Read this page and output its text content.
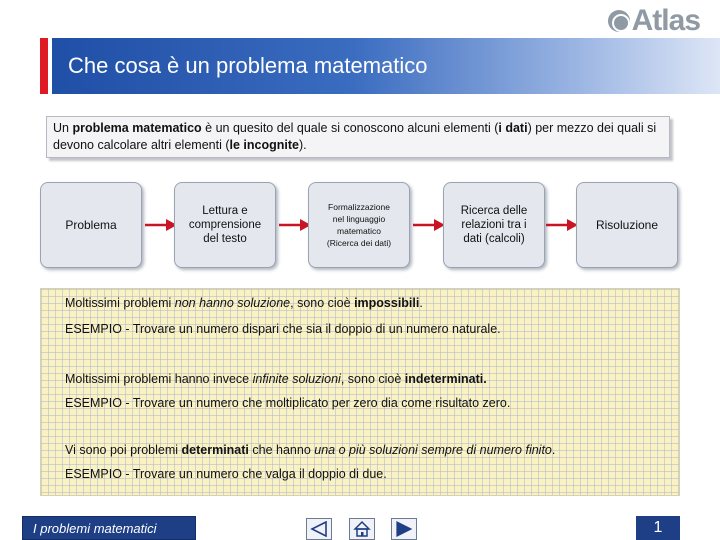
Atlas
Che cosa è un problema matematico
Un problema matematico è un quesito del quale si conoscono alcuni elementi (i dati) per mezzo dei quali si devono calcolare altri elementi (le incognite).
Problema
Lettura e
comprensione
del testo
Formalizzazione
nel linguaggio
matematico
(Ricerca dei dati)
Ricerca delle
relazioni tra i
dati (calcoli)
Risoluzione
Moltissimi problemi non hanno soluzione, sono cioè impossibili.
ESEMPIO - Trovare un numero dispari che sia il doppio di un numero naturale.
Moltissimi problemi hanno invece infinite soluzioni, sono cioè indeterminati.
ESEMPIO - Trovare un numero che moltiplicato per zero dia come risultato zero.
Vi sono poi problemi determinati che hanno una o più soluzioni sempre di numero finito.
ESEMPIO - Trovare un numero che valga il doppio di due.
I problemi matematici	1
